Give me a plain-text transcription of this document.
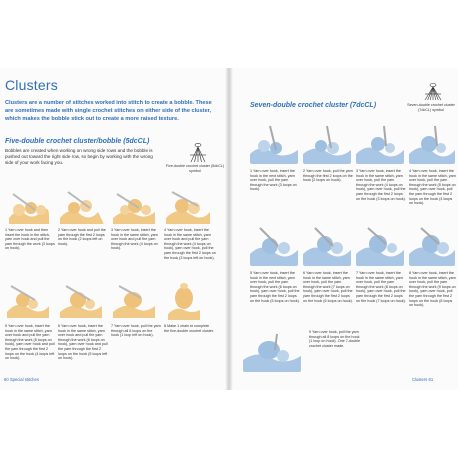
Clusters
Clusters are a number of stitches worked into stitch to create a bobble. These are sometimes made with single crochet stitches on either side of the cluster, which makes the bobble stick out to create a more raised texture.
Five-double crochet cluster/bobble (5dcCL)
Bobbles are created when working on wrong side rows and the bobble is pushed out toward the right side row, so begin by working with the wrong side of your work facing you.
Five-double crochet cluster (5dcCL) symbol
1 Yarn over hook and then insert the hook in the stitch, yarn over hook and pull the yarn through the work (3 loops on hook).
2 Yarn over hook and pull the yarn through the first 2 loops on the hook (2 loops left on hook).
3 Yarn over hook, insert the hook in the same stitch, yarn over hook and pull the yarn through the work (4 loops on hook).
4 Yarn over hook, insert the hook in the same stitch, yarn over hook and pull the yarn through the work (4 loops on hook), yarn over hook, pull the yarn through the first 2 loops on the hook (3 loops left on hook).
5 Yarn over hook, insert the hook in the same stitch, yarn over hook and pull the yarn through the work (5 loops on hook), yarn over hook and pull the yarn through the first 2 loops on the hook (4 loops left on hook).
6 Yarn over hook, insert the hook in the same stitch, yarn over hook and pull the yarn through the work (6 loops on hook), yarn over hook and pull the yarn through the first 2 loops on the hook (5 loops left on hook).
7 Yarn over hook, pull the yarn through all 6 loops on the hook (1 loop left on hook).
8 Make 1 chain to complete the five-double crochet cluster.
60 Special stitches
Seven-double crochet cluster (7dcCL)	Seven-double crochet cluster (7dcCL) symbol
1 Yarn over hook, insert the hook in the next stitch, yarn over hook, pull the yarn through the work (3 loops on hook).
2 Yarn over hook, pull the yarn through the first 2 loops on the hook (2 loops on hook).
3 Yarn over hook, insert the hook in the same stitch, yarn over hook, pull the yarn through the work (4 loops on hook), yarn over hook, pull the yarn through the first 2 loops on the hook (3 loops on hook).
4 Yarn over hook, insert the hook in the same stitch, yarn over hook, pull the yarn through the work (5 loops on hook), yarn over hook, pull the yarn through the first 2 loops on the hook (4 loops on hook).
5 Yarn over hook, insert the hook in the next stitch, yarn over hook, pull the yarn through the work (6 loops on hook), yarn over hook, pull the yarn through the first 2 loops on the hook (5 loops on hook).
6 Yarn over hook, insert the hook in the same stitch, yarn over hook, pull the yarn through the work (7 loops on hook), yarn over hook, pull the yarn through the first 2 loops on the hook (6 loops on hook).
7 Yarn over hook, insert the hook in the same stitch, yarn over hook, pull the yarn through the work (8 loops on hook), yarn over hook, pull the yarn through the first 2 loops on the hook (7 loops on hook).
8 Yarn over hook, insert the hook in the same stitch, yarn over hook, pull the yarn through the work (9 loops on hook), yarn over hook, pull the yarn through the first 2 loops on the hook (8 loops on hook).
9 Yarn over hook, pull the yarn through all 8 loops on the hook (1 loop on hook). One 7-double crochet cluster made.
Clusters 61
